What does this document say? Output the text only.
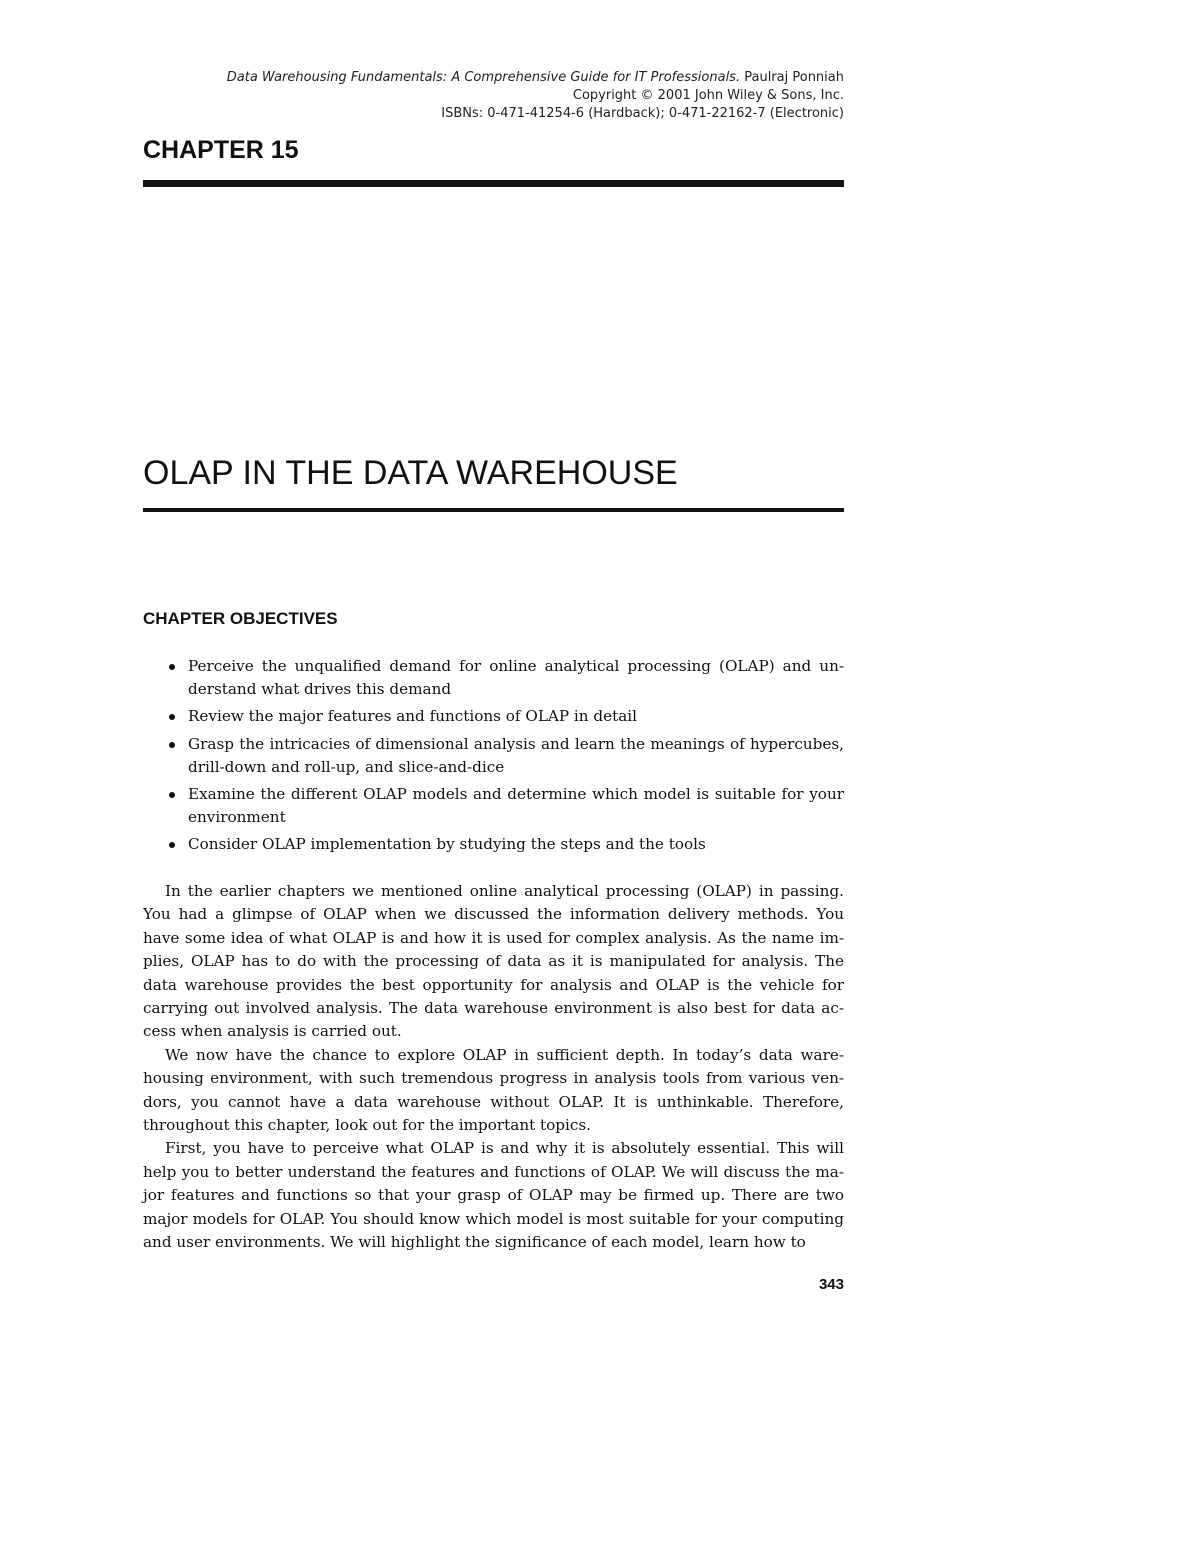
Data Warehousing Fundamentals: A Comprehensive Guide for IT Professionals. Paulraj Ponniah
Copyright © 2001 John Wiley & Sons, Inc.
ISBNs: 0-471-41254-6 (Hardback); 0-471-22162-7 (Electronic)
CHAPTER 15
OLAP IN THE DATA WAREHOUSE
CHAPTER OBJECTIVES
Perceive the unqualified demand for online analytical processing (OLAP) and understand what drives this demand
Review the major features and functions of OLAP in detail
Grasp the intricacies of dimensional analysis and learn the meanings of hypercubes, drill-down and roll-up, and slice-and-dice
Examine the different OLAP models and determine which model is suitable for your environment
Consider OLAP implementation by studying the steps and the tools

In the earlier chapters we mentioned online analytical processing (OLAP) in passing. You had a glimpse of OLAP when we discussed the information delivery methods. You have some idea of what OLAP is and how it is used for complex analysis. As the name implies, OLAP has to do with the processing of data as it is manipulated for analysis. The data warehouse provides the best opportunity for analysis and OLAP is the vehicle for carrying out involved analysis. The data warehouse environment is also best for data access when analysis is carried out.

We now have the chance to explore OLAP in sufficient depth. In today’s data warehousing environment, with such tremendous progress in analysis tools from various vendors, you cannot have a data warehouse without OLAP. It is unthinkable. Therefore, throughout this chapter, look out for the important topics.

First, you have to perceive what OLAP is and why it is absolutely essential. This will help you to better understand the features and functions of OLAP. We will discuss the major features and functions so that your grasp of OLAP may be firmed up. There are two major models for OLAP. You should know which model is most suitable for your computing and user environments. We will highlight the significance of each model, learn how to

343
